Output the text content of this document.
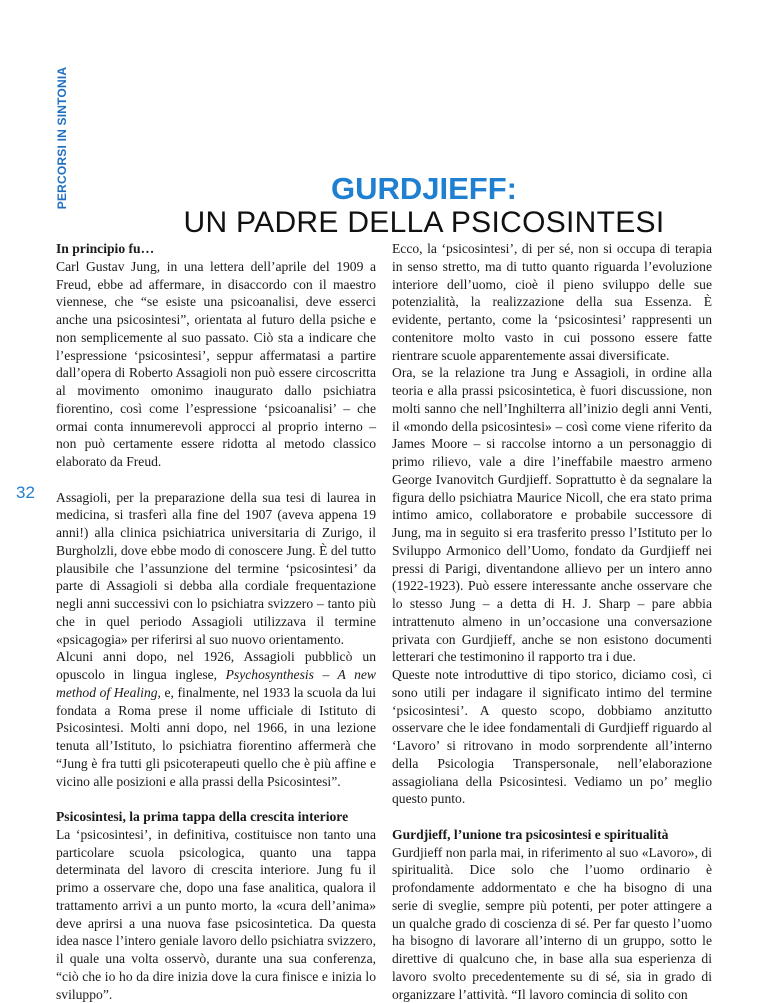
PERCORSI IN SINTONIA	GURDJIEFF:
UN PADRE DELLA PSICOSINTESI
32
In principio fu…

Carl Gustav Jung, in una lettera dell’aprile del 1909 a Freud, ebbe ad affermare, in disaccordo con il maestro viennese, che “se esiste una psicoanalisi, deve esserci anche una psicosintesi”, orientata al futuro della psiche e non semplicemente al suo passato. Ciò sta a indicare che l’espressione ‘psicosintesi’, seppur affermatasi a partire dall’opera di Roberto Assagioli non può essere circoscritta al movimento omonimo inaugurato dallo psichiatra fiorentino, così come l’espressione ‘psicoanalisi’ – che ormai conta innumerevoli approcci al proprio interno – non può certamente essere ridotta al metodo classico elaborato da Freud.

Assagioli, per la preparazione della sua tesi di laurea in medicina, si trasferì alla fine del 1907 (aveva appena 19 anni!) alla clinica psichiatrica universitaria di Zurigo, il Burgholzli, dove ebbe modo di conoscere Jung. È del tutto plausibile che l’assunzione del termine ‘psicosintesi’ da parte di Assagioli si debba alla cordiale frequentazione negli anni successivi con lo psichiatra svizzero – tanto più che in quel periodo Assagioli utilizzava il termine «psicagogia» per riferirsi al suo nuovo orientamento.

Alcuni anni dopo, nel 1926, Assagioli pubblicò un opuscolo in lingua inglese, Psychosynthesis – A new method of Healing, e, finalmente, nel 1933 la scuola da lui fondata a Roma prese il nome ufficiale di Istituto di Psicosintesi. Molti anni dopo, nel 1966, in una lezione tenuta all’Istituto, lo psichiatra fiorentino affermerà che “Jung è fra tutti gli psicoterapeuti quello che è più affine e vicino alle posizioni e alla prassi della Psicosintesi”.

Psicosintesi, la prima tappa della crescita interiore

La ‘psicosintesi’, in definitiva, costituisce non tanto una particolare scuola psicologica, quanto una tappa determinata del lavoro di crescita interiore. Jung fu il primo a osservare che, dopo una fase analitica, qualora il trattamento arrivi a un punto morto, la «cura dell’anima» deve aprirsi a una nuova fase psicosintetica. Da questa idea nasce l’intero geniale lavoro dello psichiatra svizzero, il quale una volta osservò, durante una sua conferenza, “ciò che io ho da dire inizia dove la cura finisce e inizia lo sviluppo”.

Ecco, la ‘psicosintesi’, di per sé, non si occupa di terapia in senso stretto, ma di tutto quanto riguarda l’evoluzione interiore dell’uomo, cioè il pieno sviluppo delle sue potenzialità, la realizzazione della sua Essenza. È evidente, pertanto, come la ‘psicosintesi’ rappresenti un contenitore molto vasto in cui possono essere fatte rientrare scuole apparentemente assai diversificate.

Ora, se la relazione tra Jung e Assagioli, in ordine alla teoria e alla prassi psicosintetica, è fuori discussione, non molti sanno che nell’Inghilterra all’inizio degli anni Venti, il «mondo della psicosintesi» – così come viene riferito da James Moore – si raccolse intorno a un personaggio di primo rilievo, vale a dire l’ineffabile maestro armeno George Ivanovitch Gurdjieff. Soprattutto è da segnalare la figura dello psichiatra Maurice Nicoll, che era stato prima intimo amico, collaboratore e probabile successore di Jung, ma in seguito si era trasferito presso l’Istituto per lo Sviluppo Armonico dell’Uomo, fondato da Gurdjieff nei pressi di Parigi, diventandone allievo per un intero anno (1922-1923). Può essere interessante anche osservare che lo stesso Jung – a detta di H. J. Sharp – pare abbia intrattenuto almeno in un’occasione una conversazione privata con Gurdjieff, anche se non esistono documenti letterari che testimonino il rapporto tra i due.

Queste note introduttive di tipo storico, diciamo così, ci sono utili per indagare il significato intimo del termine ‘psicosintesi’. A questo scopo, dobbiamo anzitutto osservare che le idee fondamentali di Gurdjieff riguardo al ‘Lavoro’ si ritrovano in modo sorprendente all’interno della Psicologia Transpersonale, nell’elaborazione assagioliana della Psicosintesi. Vediamo un po’ meglio questo punto.

Gurdjieff, l’unione tra psicosintesi e spiritualità

Gurdjieff non parla mai, in riferimento al suo «Lavoro», di spiritualità. Dice solo che l’uomo ordinario è profondamente addormentato e che ha bisogno di una serie di sveglie, sempre più potenti, per poter attingere a un qualche grado di coscienza di sé. Per far questo l’uomo ha bisogno di lavorare all’interno di un gruppo, sotto le direttive di qualcuno che, in base alla sua esperienza di lavoro svolto precedentemente su di sé, sia in grado di organizzare l’attività. “Il lavoro comincia di solito con
